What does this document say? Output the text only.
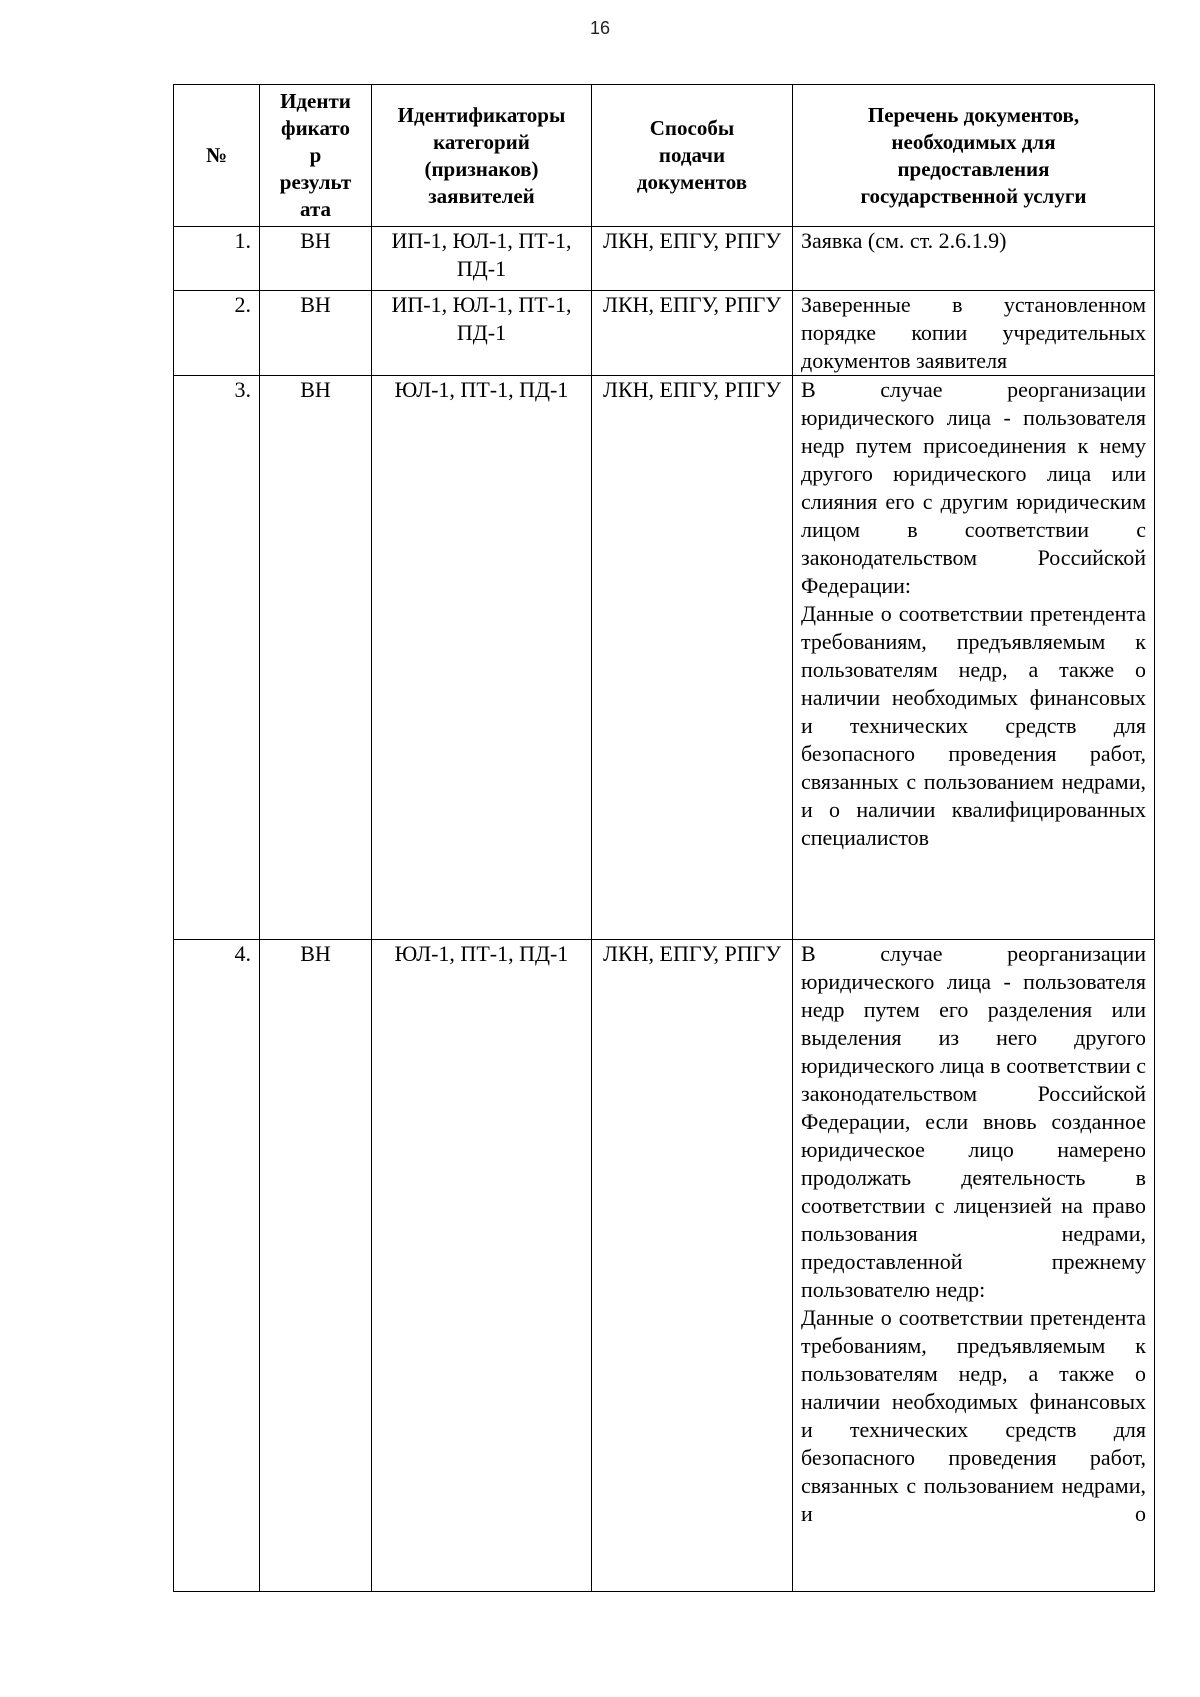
16
№	Иденти
фикато
р
результ
ата	Идентификаторы
категорий
(признаков)
заявителей	Способы
подачи
документов	Перечень документов,
необходимых для
предоставления
государственной услуги

1.	ВН	ИП-1, ЮЛ-1, ПТ-1, ПД-1	ЛКН, ЕПГУ, РПГУ	Заявка (см. ст. 2.6.1.9)

2.	ВН	ИП-1, ЮЛ-1, ПТ-1, ПД-1	ЛКН, ЕПГУ, РПГУ	Заверенные в установленном порядке копии учредительных документов заявителя

3.	ВН	ЮЛ-1, ПТ-1, ПД-1	ЛКН, ЕПГУ, РПГУ	В случае реорганизации юридического лица - пользователя недр путем присоединения к нему другого юридического лица или слияния его с другим юридическим лицом в соответствии с законодательством Российской Федерации:
Данные о соответствии претендента требованиям, предъявляемым к пользователям недр, а также о наличии необходимых финансовых и технических средств для безопасного проведения работ, связанных с пользованием недрами, и о наличии квалифицированных специалистов

4.	ВН	ЮЛ-1, ПТ-1, ПД-1	ЛКН, ЕПГУ, РПГУ	В случае реорганизации юридического лица - пользователя недр путем его разделения или выделения из него другого юридического лица в соответствии с законодательством Российской Федерации, если вновь созданное юридическое лицо намерено продолжать деятельность в соответствии с лицензией на право пользования недрами, предоставленной прежнему пользователю недр:
Данные о соответствии претендента требованиям, предъявляемым к пользователям недр, а также о наличии необходимых финансовых и технических средств для безопасного проведения работ, связанных с пользованием недрами, и о
